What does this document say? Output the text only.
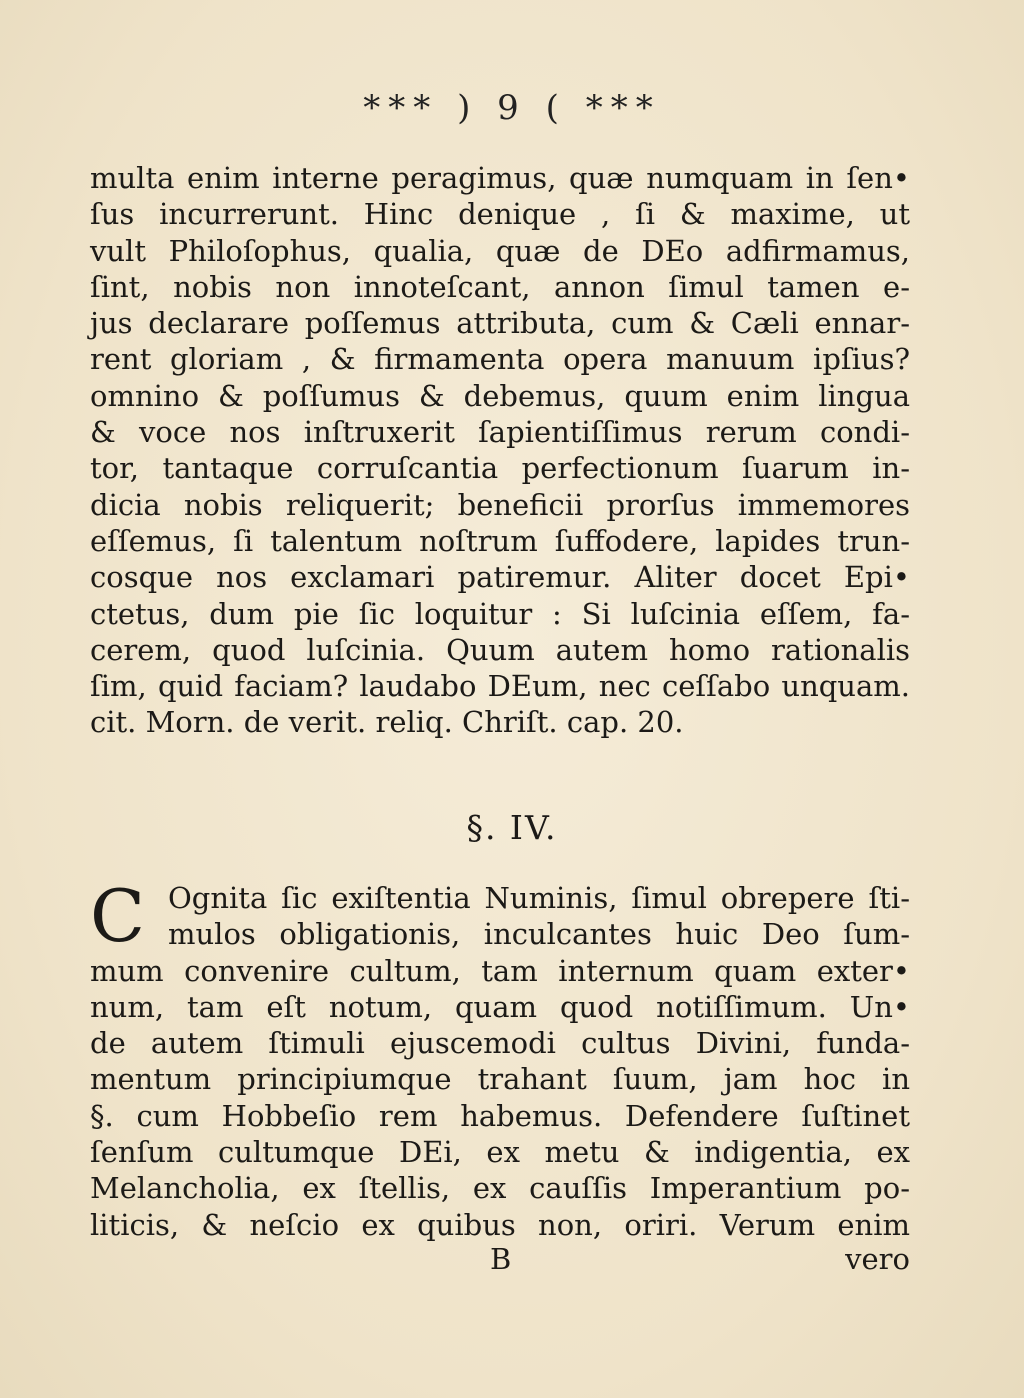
*** ) 9 ( ***
multa enim interne peragimus, quæ numquam in ſen•
ſus incurrerunt. Hinc denique , ſi & maxime, ut
vult Philoſophus, qualia, quæ de DEo adfirmamus,
ſint, nobis non innoteſcant, annon ſimul tamen e-
jus declarare poſſemus attributa, cum & Cæli ennar-
rent gloriam , & firmamenta opera manuum ipſius?
omnino & poſſumus & debemus, quum enim lingua
& voce nos inſtruxerit ſapientiſſimus rerum condi-
tor, tantaque corruſcantia perfectionum ſuarum in-
dicia nobis reliquerit; beneficii prorſus immemores
eſſemus, ſi talentum noſtrum ſuffodere, lapides trun-
cosque nos exclamari patiremur. Aliter docet Epi•
ctetus, dum pie ſic loquitur : Si luſcinia eſſem, fa-
cerem, quod luſcinia. Quum autem homo rationalis
ſim, quid faciam? laudabo DEum, nec ceſſabo unquam.
cit. Morn. de verit. reliq. Chriſt. cap. 20.
§. IV.
C Ognita ſic exiſtentia Numinis, ſimul obrepere ſti-
mulos obligationis, inculcantes huic Deo ſum-
mum convenire cultum, tam internum quam exter•
num, tam eſt notum, quam quod notiſſimum. Un•
de autem ſtimuli ejuscemodi cultus Divini, funda-
mentum principiumque trahant ſuum, jam hoc in
§. cum Hobbeſio rem habemus. Defendere ſuſtinet
ſenſum cultumque DEi, ex metu & indigentia, ex
Melancholia, ex ſtellis, ex cauſſis Imperantium po-
liticis, & neſcio ex quibus non, oriri. Verum enim
B	vero
